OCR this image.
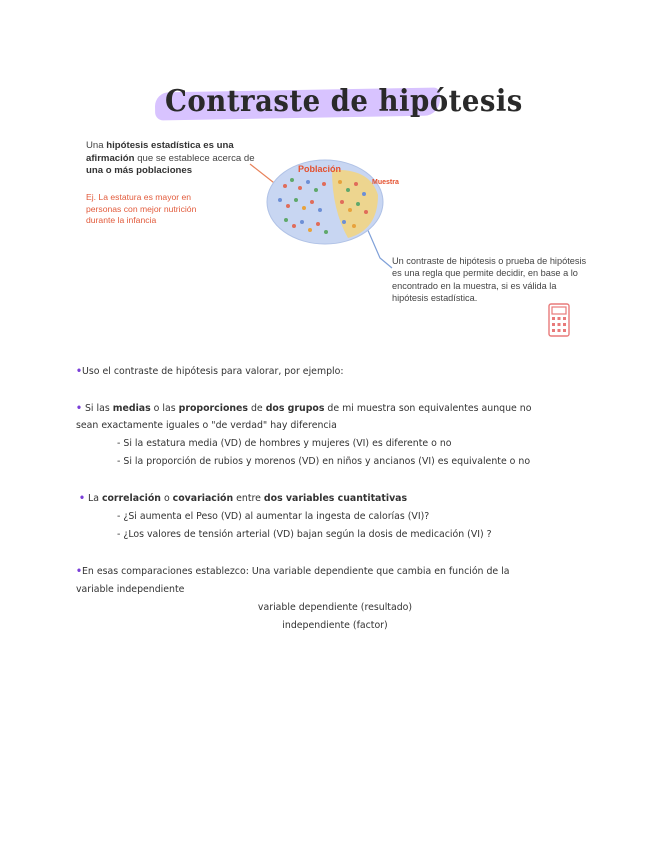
Contraste de hipótesis
Una hipótesis estadística es una afirmación que se establece acerca de una o más poblaciones
Ej. La estatura es mayor en personas con mejor nutrición durante la infancia
Población
Muestra
Un contraste de hipótesis o prueba de hipótesis es una regla que permite decidir, en base a lo encontrado en la muestra, si es válida la hipótesis estadística.
•Uso el contraste de hipótesis para valorar, por ejemplo:
• Si las medias o las proporciones de dos grupos de mi muestra son equivalentes aunque no
sean exactamente iguales o "de verdad" hay diferencia
- Si la estatura media (VD) de hombres y mujeres (VI) es diferente o no
- Si la proporción de rubios y morenos (VD) en niños y ancianos (VI) es equivalente o no
• La correlación o covariación entre dos variables cuantitativas
- ¿Si aumenta el Peso (VD) al aumentar la ingesta de calorías (VI)?
- ¿Los valores de tensión arterial (VD) bajan según la dosis de medicación (VI) ?
•En esas comparaciones establezco: Una variable dependiente que cambia en función de la
variable independiente
variable dependiente (resultado)
independiente (factor)
